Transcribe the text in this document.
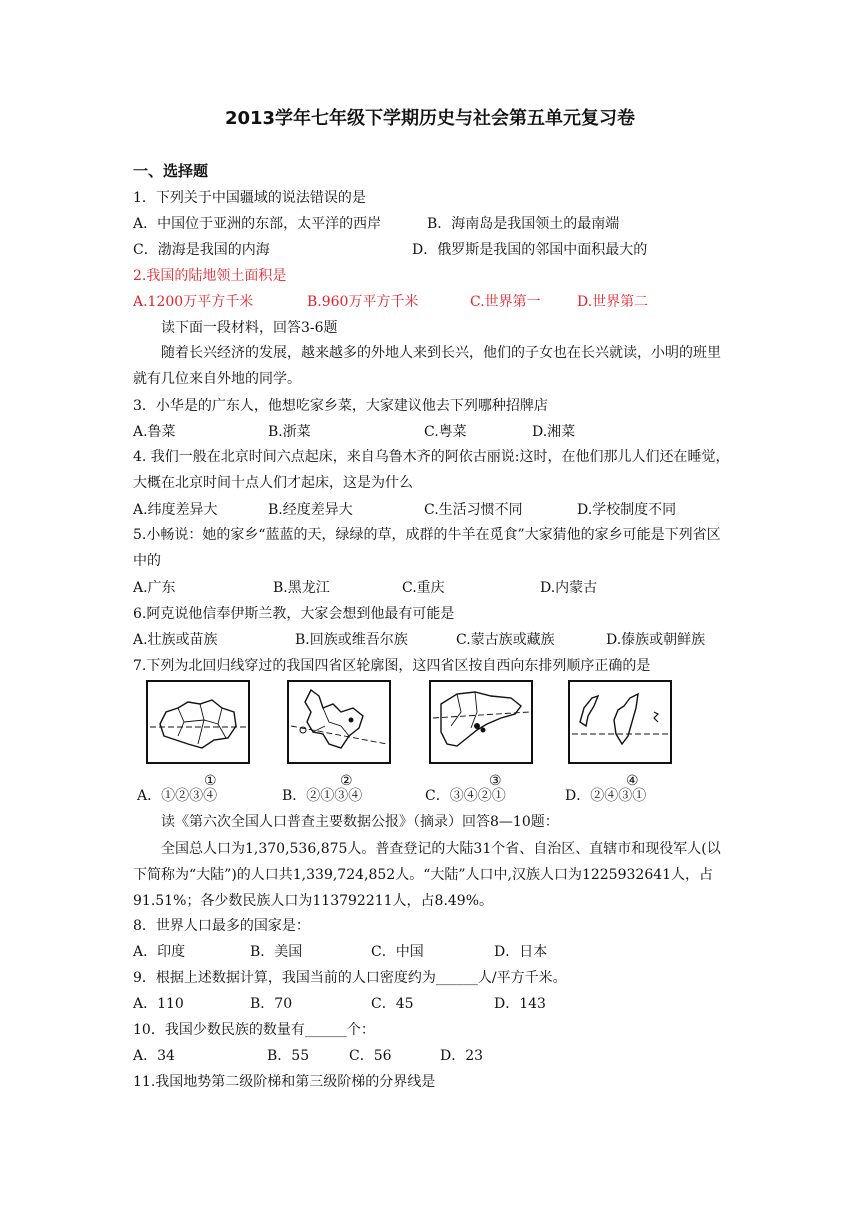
2013学年七年级下学期历史与社会第五单元复习卷
一、选择题
1．下列关于中国疆域的说法错误的是
A．中国位于亚洲的东部，太平洋的西岸	B．海南岛是我国领土的最南端
C．渤海是我国的内海	D．俄罗斯是我国的邻国中面积最大的
2.我国的陆地领土面积是
A.1200万平方千米	B.960万平方千米	C.世界第一	D.世界第二
读下面一段材料，回答3-6题
随着长兴经济的发展，越来越多的外地人来到长兴，他们的子女也在长兴就读，小明的班里就有几位来自外地的同学。
3．小华是的广东人，他想吃家乡菜，大家建议他去下列哪种招牌店
A.鲁菜	B.浙菜	C.粤菜	D.湘菜
4. 我们一般在北京时间六点起床，来自乌鲁木齐的阿依古丽说:这时，在他们那儿人们还在睡觉，大概在北京时间十点人们才起床，这是为什么
A.纬度差异大	B.经度差异大	C.生活习惯不同	D.学校制度不同
5.小畅说：她的家乡“蓝蓝的天，绿绿的草，成群的牛羊在觅食”大家猜他的家乡可能是下列省区中的
A.广东	B.黑龙江	C.重庆	D.内蒙古
6.阿克说他信奉伊斯兰教，大家会想到他最有可能是
A.壮族或苗族	B.回族或维吾尔族	C.蒙古族或藏族	D.傣族或朝鲜族
7.下列为北回归线穿过的我国四省区轮廓图，这四省区按自西向东排列顺序正确的是
①	②	③	④
A．①②③④	B．②①③④	C．③④②①	D．②④③①
读《第六次全国人口普查主要数据公报》（摘录）回答8—10题：
全国总人口为1,370,536,875人。普查登记的大陆31个省、自治区、直辖市和现役军人(以下简称为“大陆”)的人口共1,339,724,852人。“大陆”人口中,汉族人口为1225932641人，占91.51%；各少数民族人口为113792211人，占8.49%。
8．世界人口最多的国家是：
A．印度	B．美国	C．中国	D．日本
9．根据上述数据计算，我国当前的人口密度约为______人/平方千米。
A．110	B．70	C．45	D．143
10．我国少数民族的数量有______个：
A．34	B．55	C．56	D．23
11.我国地势第二级阶梯和第三级阶梯的分界线是
